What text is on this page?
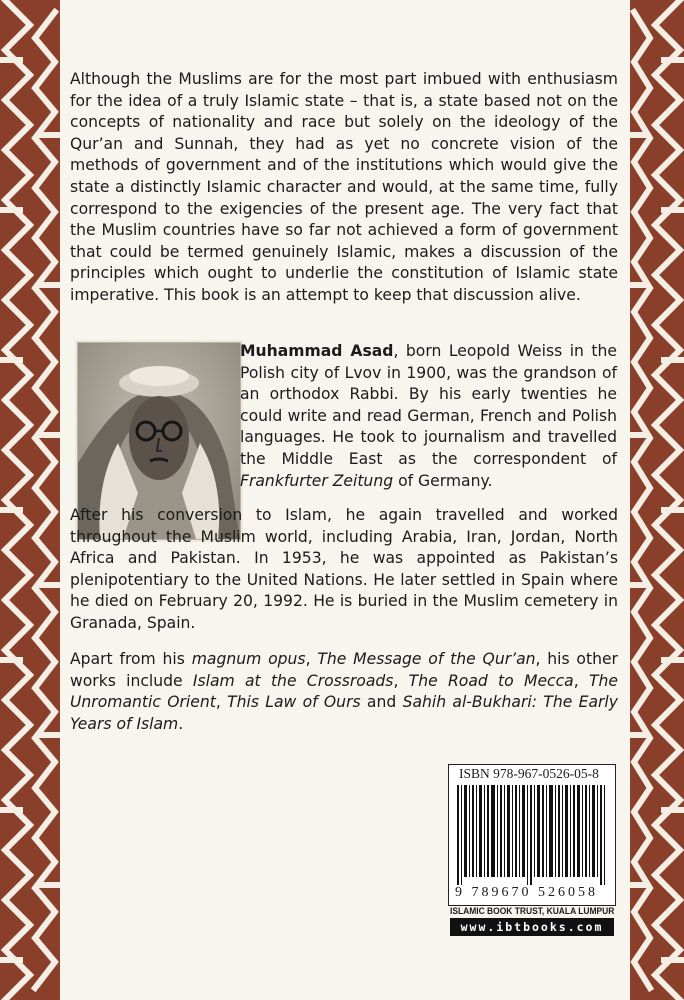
Although the Muslims are for the most part imbued with enthusiasm for the idea of a truly Islamic state – that is, a state based not on the concepts of nationality and race but solely on the ideology of the Qur’an and Sunnah, they had as yet no concrete vision of the methods of government and of the institutions which would give the state a distinctly Islamic character and would, at the same time, fully correspond to the exigencies of the present age. The very fact that the Muslim countries have so far not achieved a form of government that could be termed genuinely Islamic, makes a discussion of the principles which ought to underlie the constitution of Islamic state imperative. This book is an attempt to keep that discussion alive.

Muhammad Asad, born Leopold Weiss in the Polish city of Lvov in 1900, was the grandson of an orthodox Rabbi. By his early twenties he could write and read German, French and Polish languages. He took to journalism and travelled the Middle East as the correspondent of Frankfurter Zeitung of Germany.

After his conversion to Islam, he again travelled and worked throughout the Muslim world, including Arabia, Iran, Jordan, North Africa and Pakistan. In 1953, he was appointed as Pakistan’s plenipotentiary to the United Nations. He later settled in Spain where he died on February 20, 1992. He is buried in the Muslim cemetery in Granada, Spain.

Apart from his magnum opus, The Message of the Qur’an, his other works include Islam at the Crossroads, The Road to Mecca, The Unromantic Orient, This Law of Ours and Sahih al-Bukhari: The Early Years of Islam.

ISBN 978-967-0526-05-8
9 789670 526058
ISLAMIC BOOK TRUST, KUALA LUMPUR
www.ibtbooks.com
